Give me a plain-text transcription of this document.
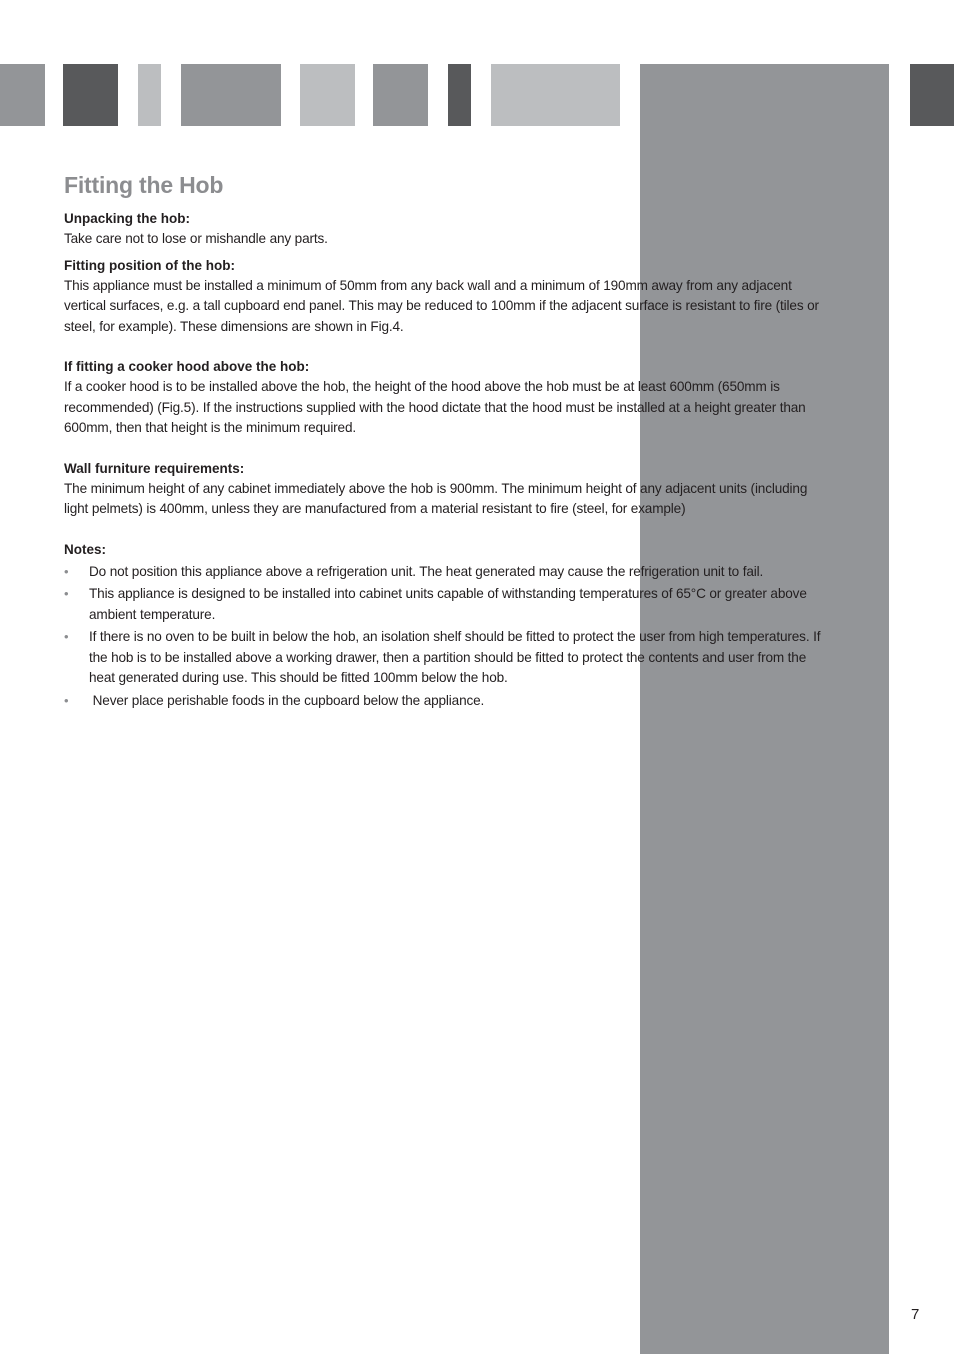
Fitting the Hob

Unpacking the hob:

Take care not to lose or mishandle any parts.

Fitting position of the hob:

This appliance must be installed a minimum of 50mm from any back wall and a minimum of 190mm away from any adjacent vertical surfaces, e.g. a tall cupboard end panel. This may be reduced to 100mm if the adjacent surface is resistant to fire (tiles or steel, for example). These dimensions are shown in Fig.4.

If fitting a cooker hood above the hob:

If a cooker hood is to be installed above the hob, the height of the hood above the hob must be at least 600mm (650mm is recommended) (Fig.5). If the instructions supplied with the hood dictate that the hood must be installed at a height greater than 600mm, then that height is the minimum required.

Wall furniture requirements:

The minimum height of any cabinet immediately above the hob is 900mm. The minimum height of any adjacent units (including light pelmets) is 400mm, unless they are manufactured from a material resistant to fire (steel, for example)

Notes:

• Do not position this appliance above a refrigeration unit. The heat generated may cause the refrigeration unit to fail.
• This appliance is designed to be installed into cabinet units capable of withstanding temperatures of 65°C or greater above ambient temperature.
• If there is no oven to be built in below the hob, an isolation shelf should be fitted to protect the user from high temperatures. If the hob is to be installed above a working drawer, then a partition should be fitted to protect the contents and user from the heat generated during use. This should be fitted 100mm below the hob.
• Never place perishable foods in the cupboard below the appliance.
7
